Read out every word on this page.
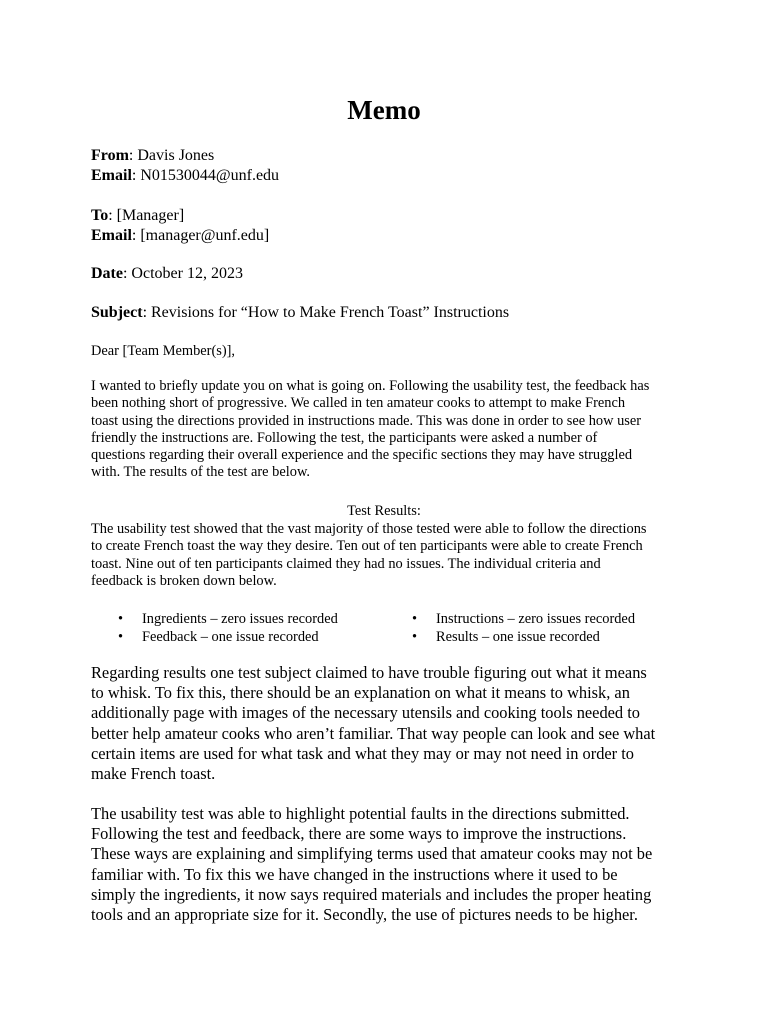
Memo
From: Davis Jones
Email: N01530044@unf.edu
To: [Manager]
Email: [manager@unf.edu]
Date: October 12, 2023
Subject: Revisions for “How to Make French Toast” Instructions
Dear [Team Member(s)],
I wanted to briefly update you on what is going on. Following the usability test, the feedback has
been nothing short of progressive. We called in ten amateur cooks to attempt to make French
toast using the directions provided in instructions made. This was done in order to see how user
friendly the instructions are. Following the test, the participants were asked a number of
questions regarding their overall experience and the specific sections they may have struggled
with. The results of the test are below.
Test Results:
The usability test showed that the vast majority of those tested were able to follow the directions
to create French toast the way they desire. Ten out of ten participants were able to create French
toast. Nine out of ten participants claimed they had no issues. The individual criteria and
feedback is broken down below.
• Ingredients – zero issues recorded	• Instructions – zero issues recorded
• Feedback – one issue recorded	• Results – one issue recorded
Regarding results one test subject claimed to have trouble figuring out what it means
to whisk. To fix this, there should be an explanation on what it means to whisk, an
additionally page with images of the necessary utensils and cooking tools needed to
better help amateur cooks who aren’t familiar. That way people can look and see what
certain items are used for what task and what they may or may not need in order to
make French toast.
The usability test was able to highlight potential faults in the directions submitted.
Following the test and feedback, there are some ways to improve the instructions.
These ways are explaining and simplifying terms used that amateur cooks may not be
familiar with. To fix this we have changed in the instructions where it used to be
simply the ingredients, it now says required materials and includes the proper heating
tools and an appropriate size for it. Secondly, the use of pictures needs to be higher.
